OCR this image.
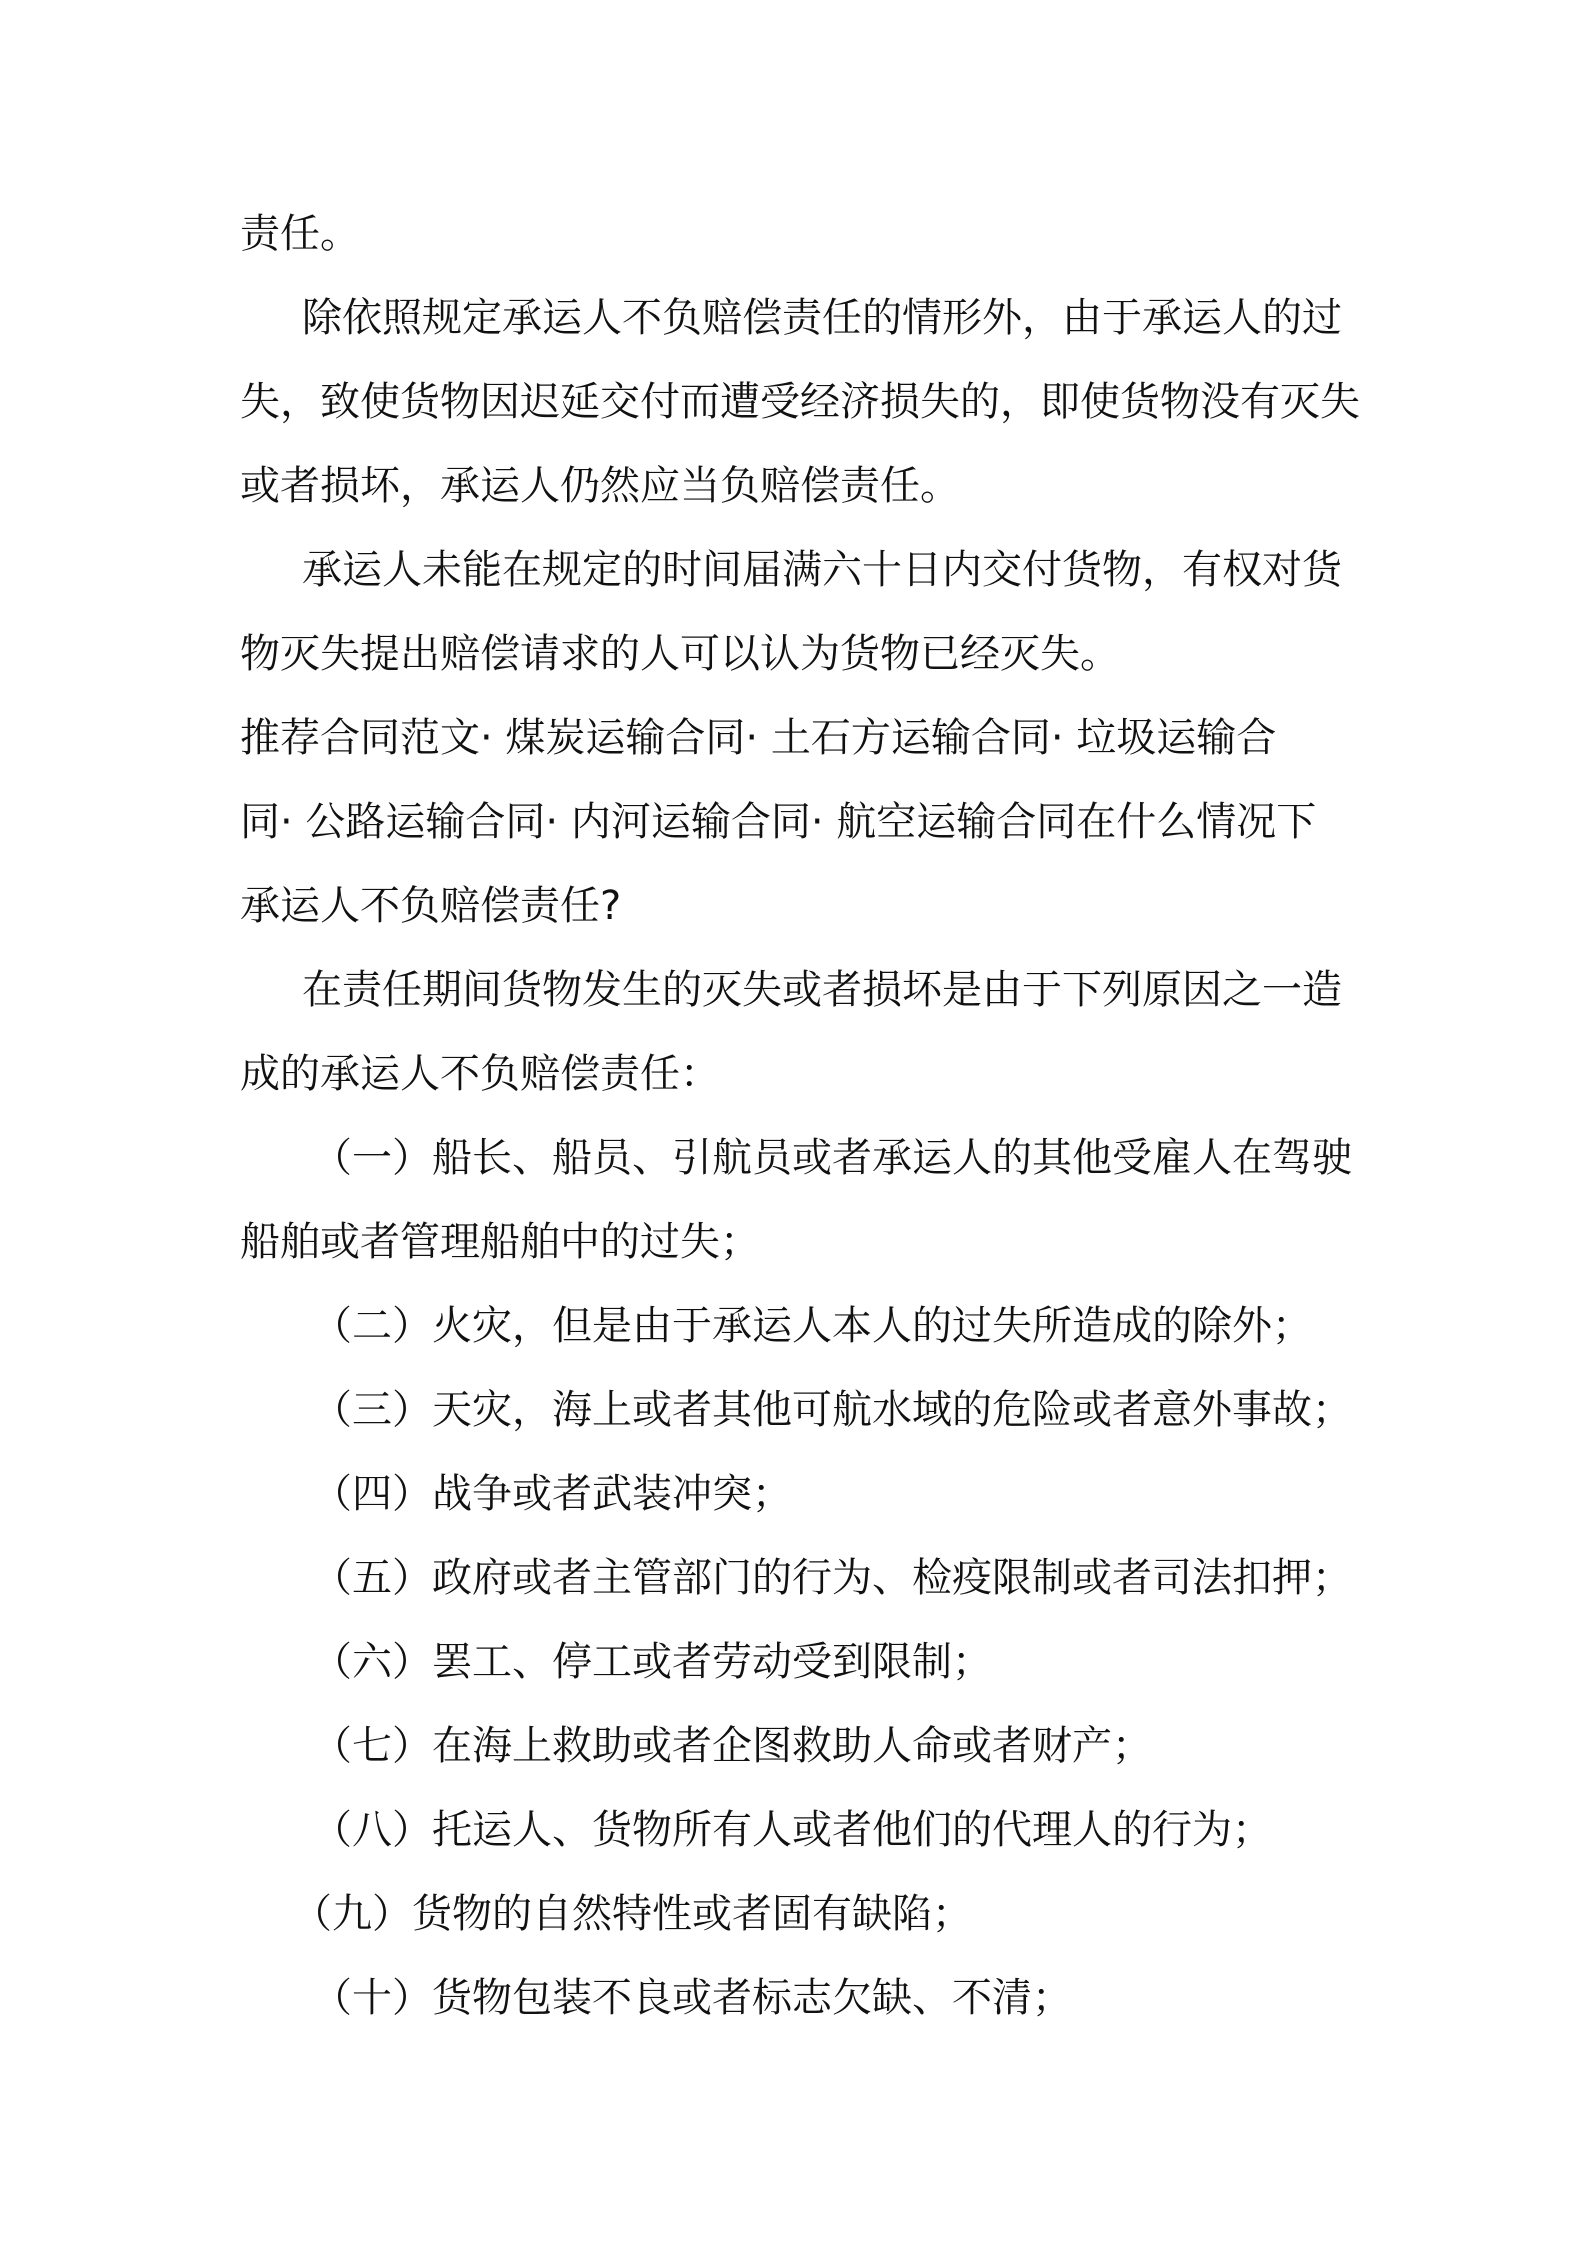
责任。

除依照规定承运人不负赔偿责任的情形外，由于承运人的过

失，致使货物因迟延交付而遭受经济损失的，即使货物没有灭失

或者损坏，承运人仍然应当负赔偿责任。

承运人未能在规定的时间届满六十日内交付货物，有权对货

物灭失提出赔偿请求的人可以认为货物已经灭失。

推荐合同范文· 煤炭运输合同· 土石方运输合同· 垃圾运输合

同· 公路运输合同· 内河运输合同· 航空运输合同在什么情况下

承运人不负赔偿责任?

在责任期间货物发生的灭失或者损坏是由于下列原因之一造

成的承运人不负赔偿责任：

（一）船长、船员、引航员或者承运人的其他受雇人在驾驶

船舶或者管理船舶中的过失；

（二）火灾，但是由于承运人本人的过失所造成的除外；

（三）天灾，海上或者其他可航水域的危险或者意外事故；

（四）战争或者武装冲突；

（五）政府或者主管部门的行为、检疫限制或者司法扣押；

（六）罢工、停工或者劳动受到限制；

（七）在海上救助或者企图救助人命或者财产；

（八）托运人、货物所有人或者他们的代理人的行为；

（九）货物的自然特性或者固有缺陷；

（十）货物包装不良或者标志欠缺、不清；
